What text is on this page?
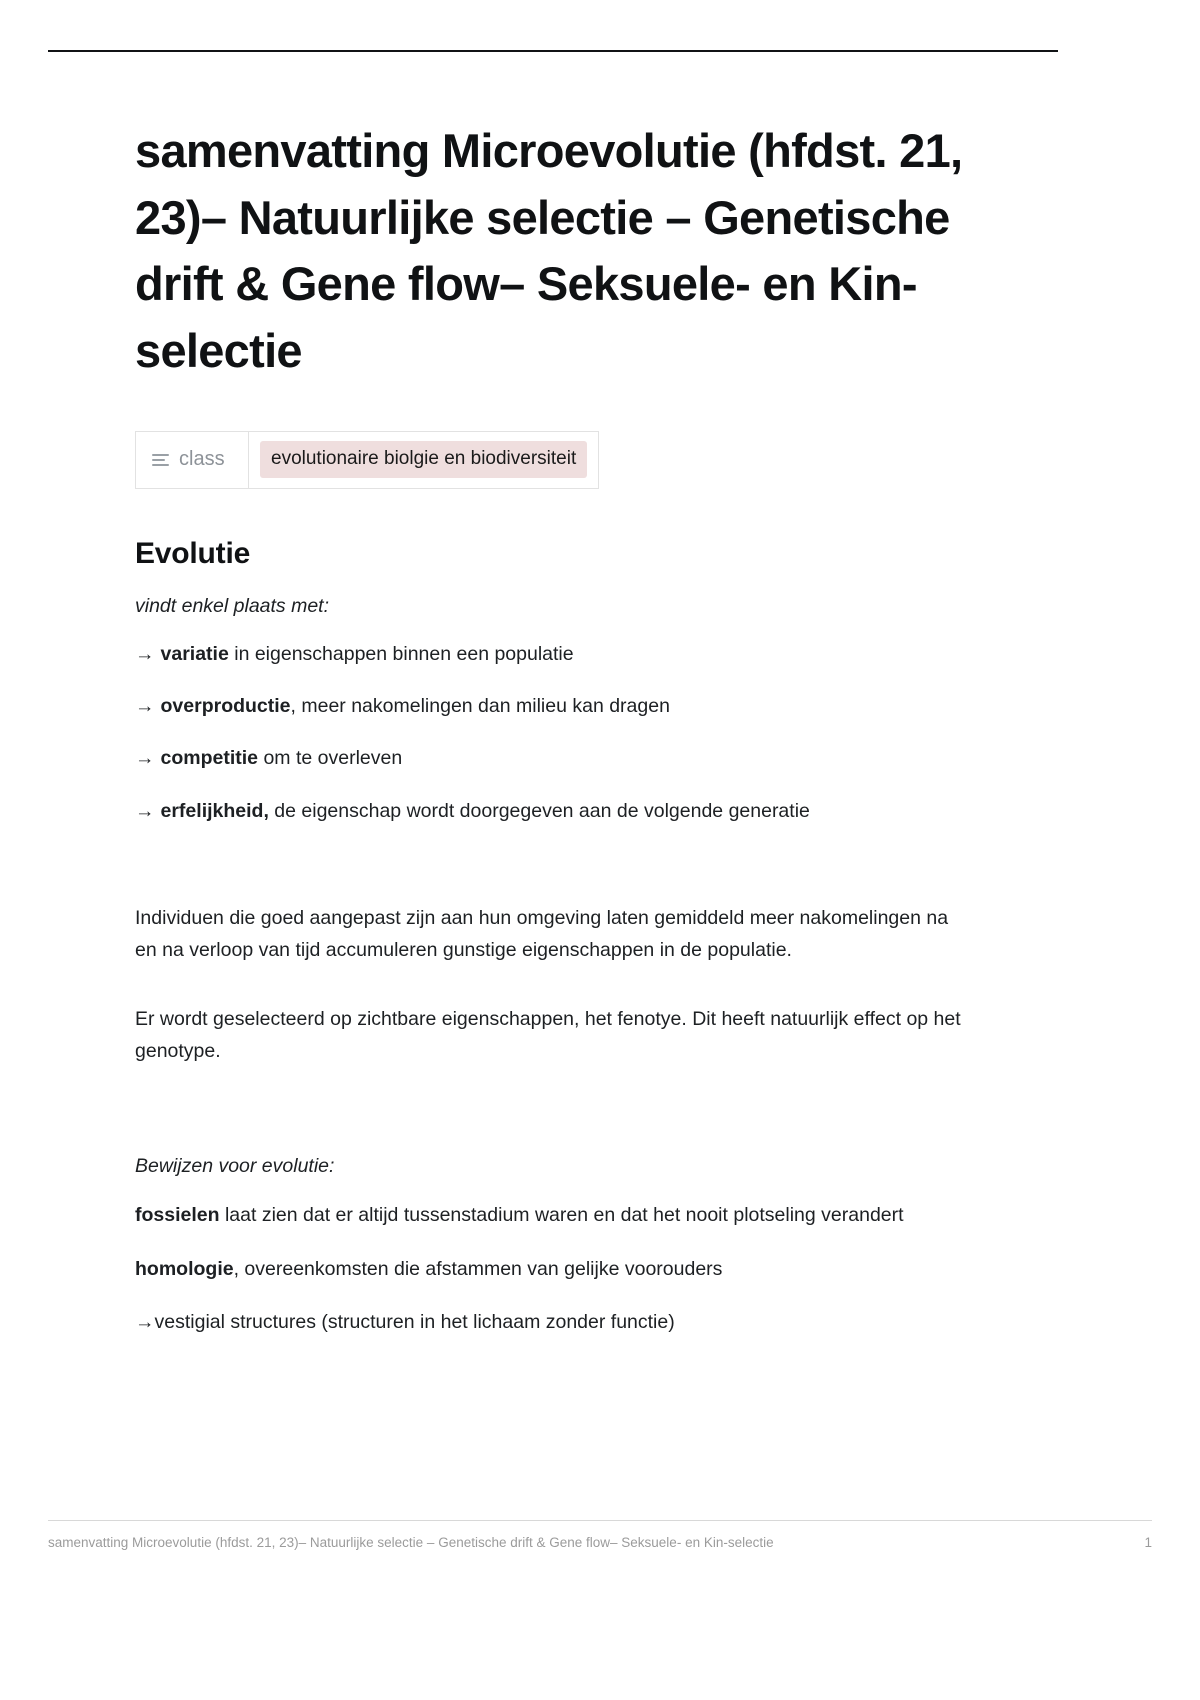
samenvatting Microevolutie (hfdst. 21, 23)– Natuurlijke selectie – Genetische drift & Gene flow– Seksuele- en Kin-selectie
class	evolutionaire biolgie en biodiversiteit
Evolutie

vindt enkel plaats met:

→ variatie in eigenschappen binnen een populatie
→ overproductie, meer nakomelingen dan milieu kan dragen
→ competitie om te overleven
→ erfelijkheid, de eigenschap wordt doorgegeven aan de volgende generatie

Individuen die goed aangepast zijn aan hun omgeving laten gemiddeld meer nakomelingen na en na verloop van tijd accumuleren gunstige eigenschappen in de populatie.

Er wordt geselecteerd op zichtbare eigenschappen, het fenotye. Dit heeft natuurlijk effect op het genotype.

Bewijzen voor evolutie:

fossielen laat zien dat er altijd tussenstadium waren en dat het nooit plotseling verandert

homologie, overeenkomsten die afstammen van gelijke voorouders

→vestigial structures (structuren in het lichaam zonder functie)

samenvatting Microevolutie (hfdst. 21, 23)– Natuurlijke selectie – Genetische drift & Gene flow– Seksuele- en Kin-selectie	1
